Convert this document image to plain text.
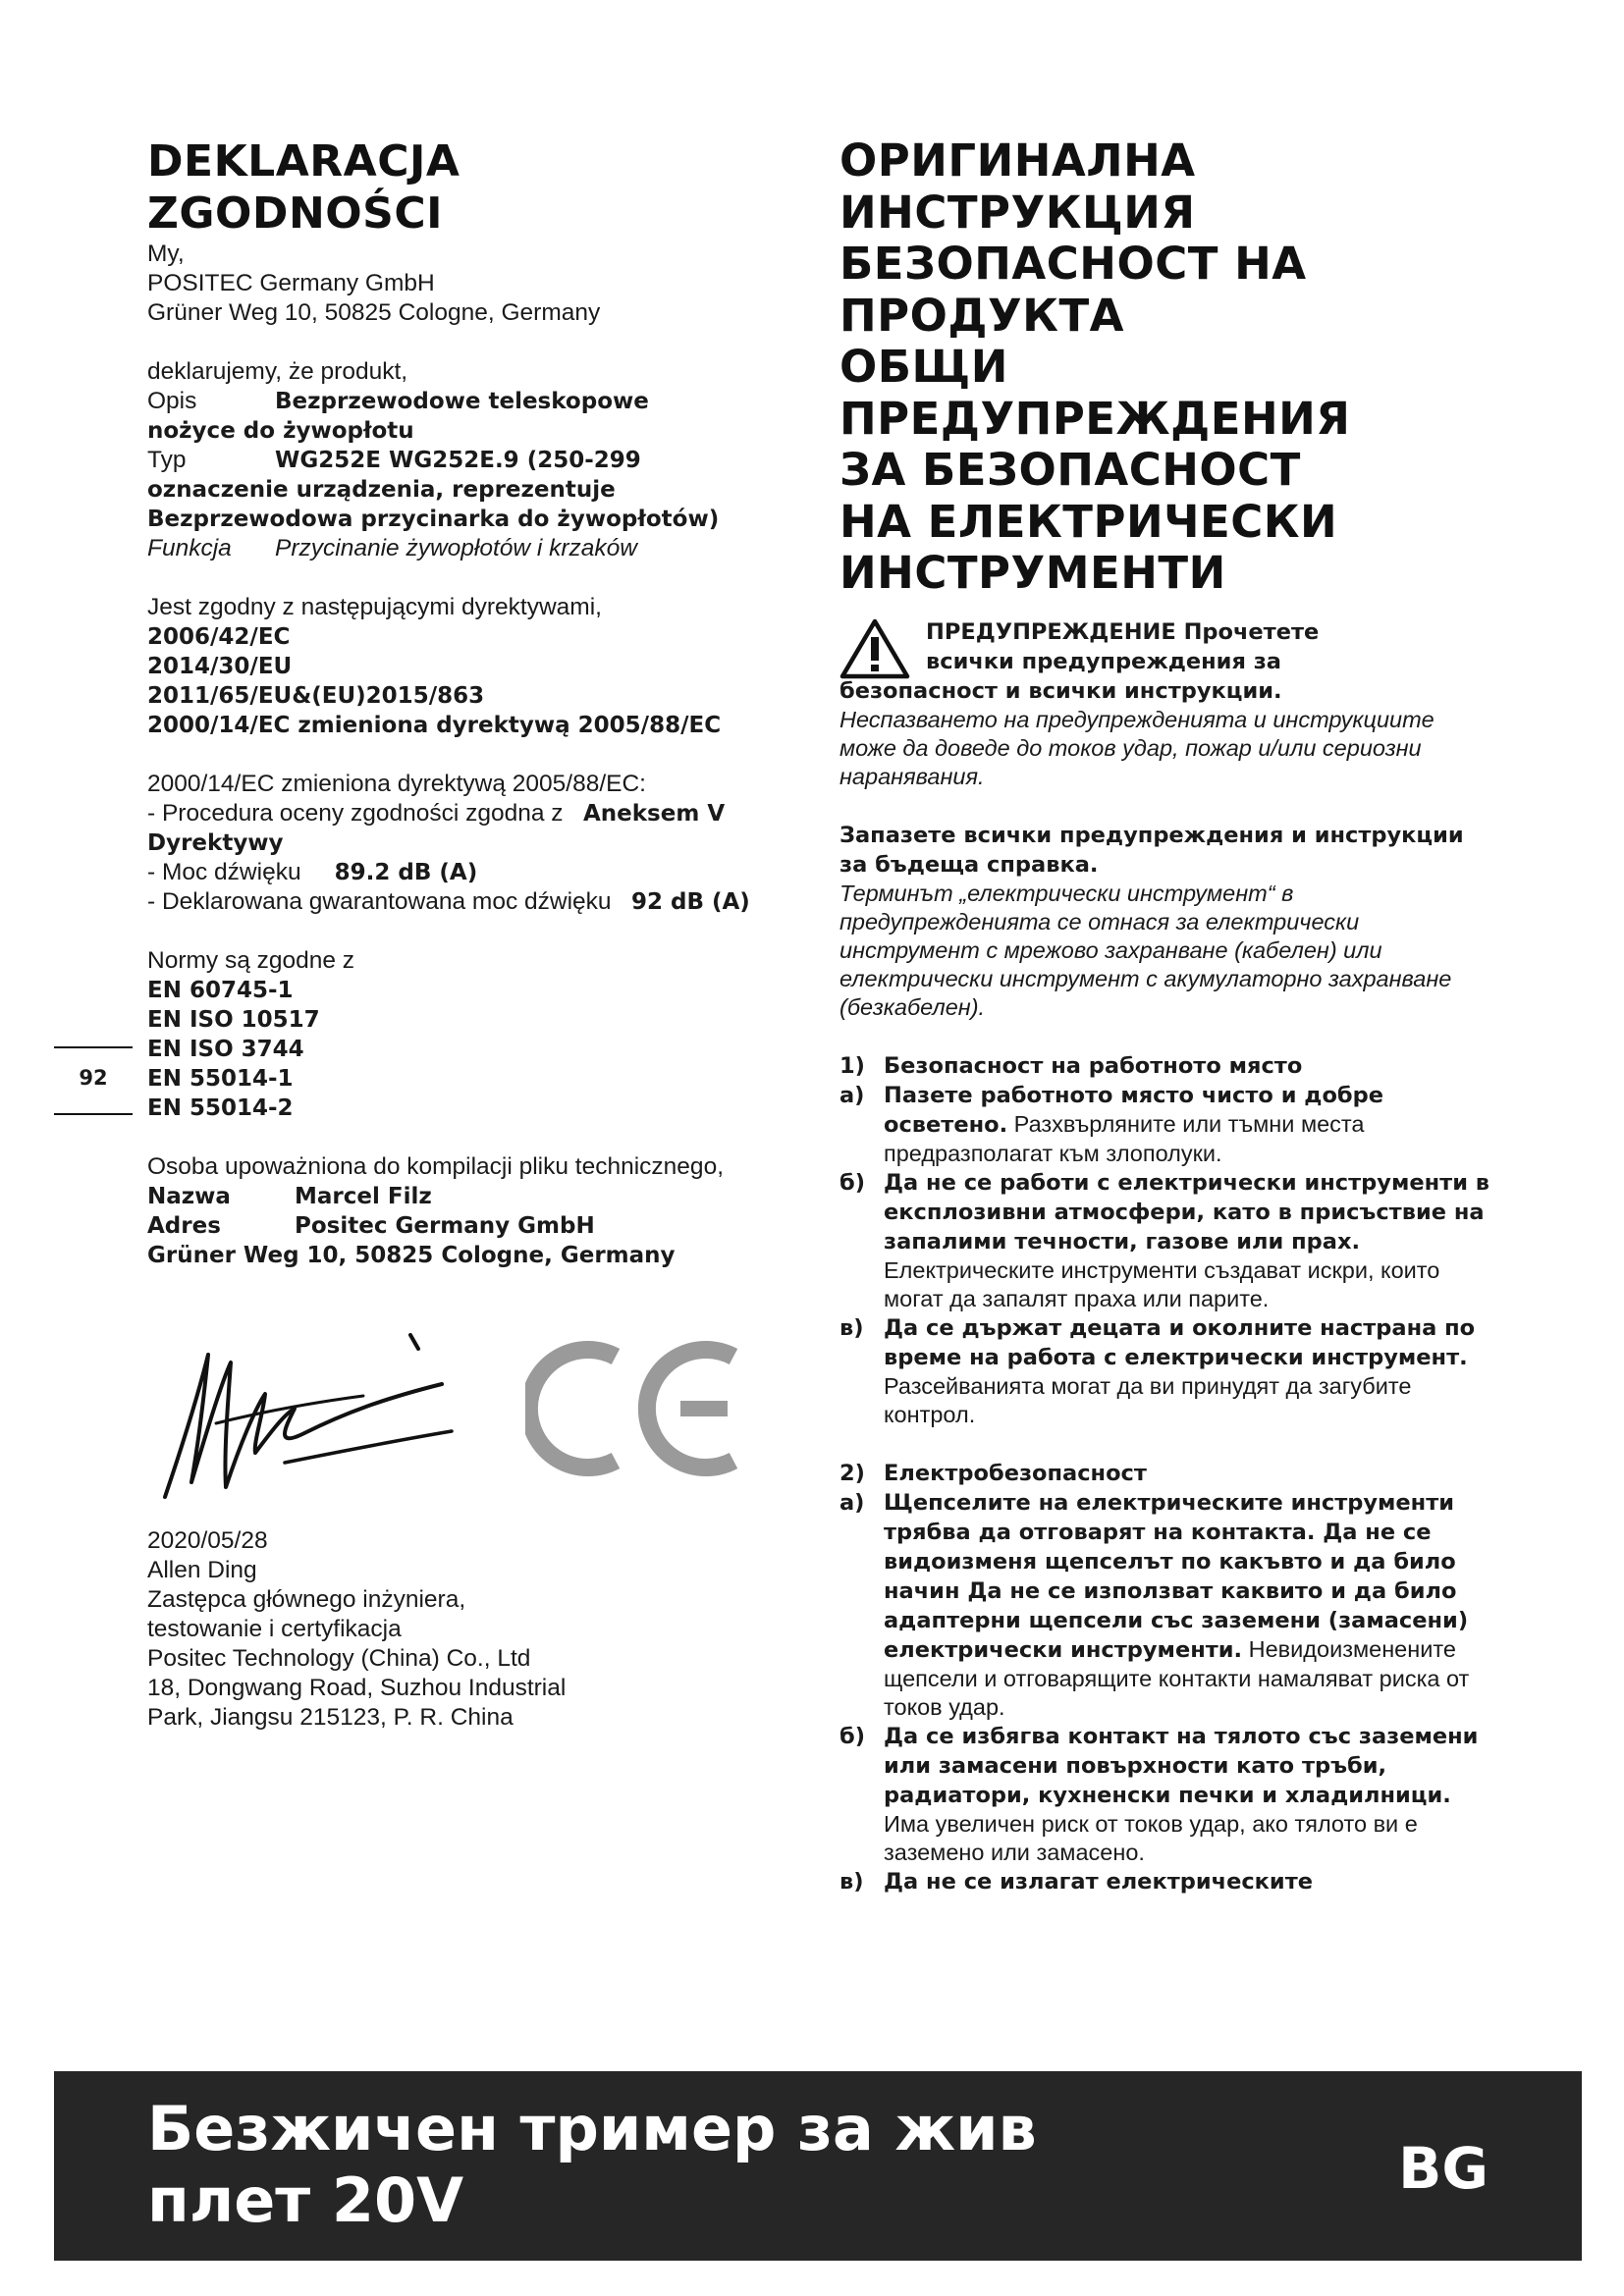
DEKLARACJA
ZGODNOŚCI

My,
POSITEC Germany GmbH
Grüner Weg 10, 50825 Cologne, Germany

deklarujemy, że produkt,

Opis	Bezprzewodowe teleskopowe
nożyce do żywopłotu

Typ	WG252E WG252E.9 (250-299
oznaczenie urządzenia, reprezentuje
Bezprzewodowa przycinarka do żywopłotów)

Funkcja Przycinanie żywopłotów i krzaków

Jest zgodny z następującymi dyrektywami,

2006/42/EC
2014/30/EU
2011/65/EU&(EU)2015/863
2000/14/EC zmieniona dyrektywą 2005/88/EC

2000/14/EC zmieniona dyrektywą 2005/88/EC:

- Procedura oceny zgodności zgodna z Aneksem V
Dyrektywy

- Moc dźwięku 89.2 dB (A)

- Deklarowana gwarantowana moc dźwięku 92 dB (A)

Normy są zgodne z

EN 60745-1
EN ISO 10517
EN ISO 3744
EN 55014-1
EN 55014-2

Osoba upoważniona do kompilacji pliku technicznego,

Nazwa	Marcel Filz
Adres	Positec Germany GmbH
Grüner Weg 10, 50825 Cologne, Germany

2020/05/28

Allen Ding
Zastępca głównego inżyniera,
testowanie i certyfikacja
Positec Technology (China) Co., Ltd
18, Dongwang Road, Suzhou Industrial
Park, Jiangsu 215123, P. R. China

92
ОРИГИНАЛНА
ИНСТРУКЦИЯ
БЕЗОПАСНОСТ НА
ПРОДУКТА
ОБЩИ
ПРЕДУПРЕЖДЕНИЯ
ЗА БЕЗОПАСНОСТ
НА ЕЛЕКТРИЧЕСКИ
ИНСТРУМЕНТИ

ПРЕДУПРЕЖДЕНИЕ Прочетете

всички предупреждения за

безопасност и всички инструкции.

Неспазването на предупрежденията и инструкциите може да доведе до токов удар, пожар и/или сериозни наранявания.

Запазете всички предупреждения и инструкции за бъдеща справка.

Терминът „електрически инструмент“ в предупрежденията се отнася за електрически инструмент с мрежово захранване (кабелен) или електрически инструмент с акумулаторно захранване (безкабелен).

1) Безопасност на работното място

а) Пазете работното място чисто и добре осветено. Разхвърляните или тъмни места предразполагат към злополуки.

б) Да не се работи с електрически инструменти в експлозивни атмосфери, като в присъствие на запалими течности, газове или прах. Електрическите инструменти създават искри, които могат да запалят праха или парите.

в) Да се държат децата и околните настрана по време на работа с електрически инструмент. Разсейванията могат да ви принудят да загубите контрол.

2) Електробезопасност

а) Щепселите на електрическите инструменти трябва да отговарят на контакта. Да не се видоизменя щепселът по какъвто и да било начин Да не се използват каквито и да било адаптерни щепсели със заземени (замасени) електрически инструменти. Невидоизменените щепсели и отговарящите контакти намаляват риска от токов удар.

б) Да се избягва контакт на тялото със заземени или замасени повърхности като тръби, радиатори, кухненски печки и хладилници. Има увеличен риск от токов удар, ако тялото ви е заземено или замасено.

в) Да не се излагат електрическите

Безжичен тример за жив
плет 20V	BG
